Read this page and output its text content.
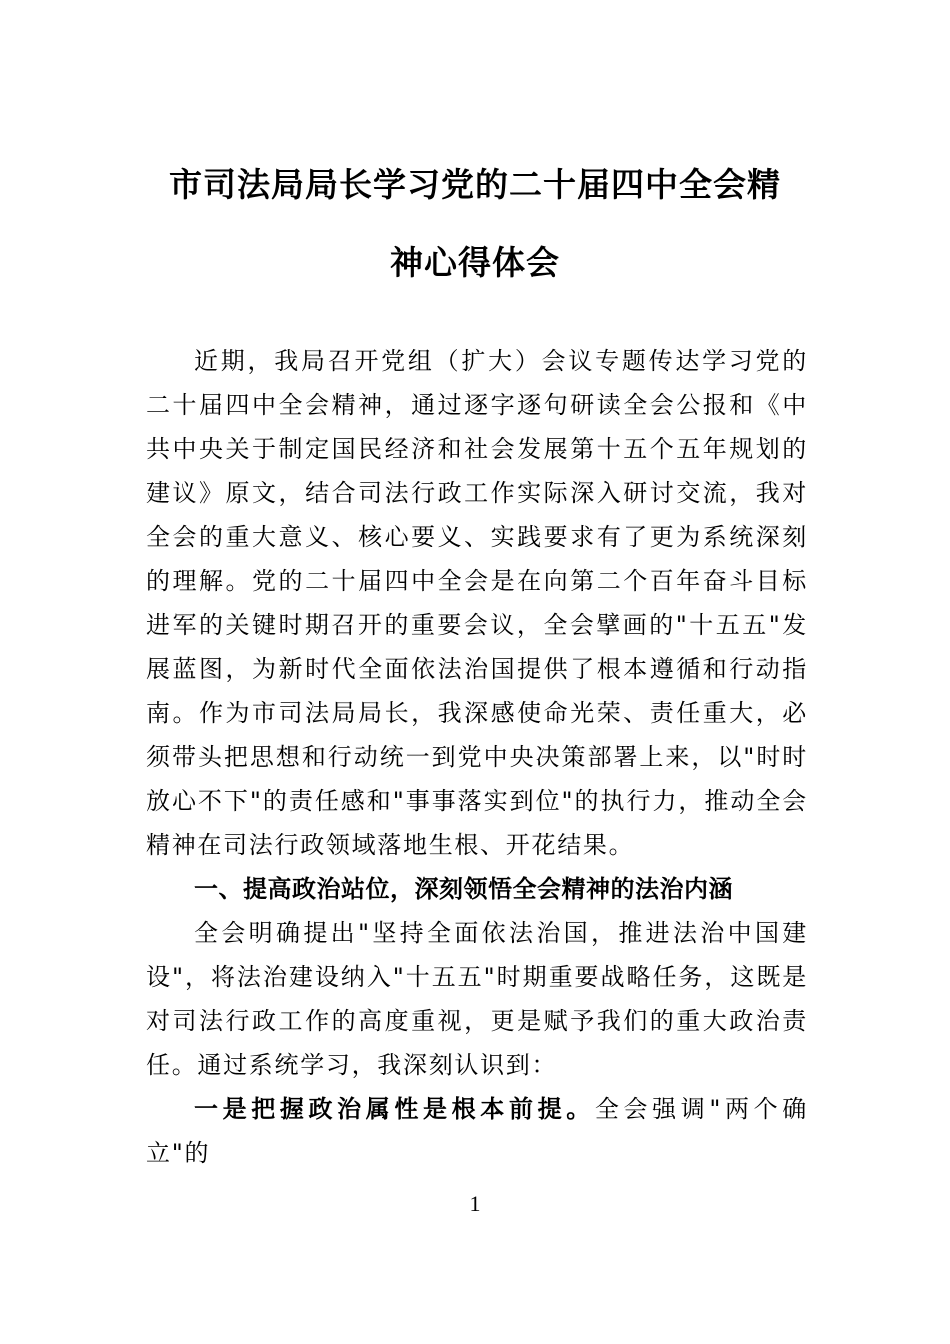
市司法局局长学习党的二十届四中全会精
神心得体会

近期，我局召开党组（扩大）会议专题传达学习党的二十届四中全会精神，通过逐字逐句研读全会公报和《中共中央关于制定国民经济和社会发展第十五个五年规划的建议》原文，结合司法行政工作实际深入研讨交流，我对全会的重大意义、核心要义、实践要求有了更为系统深刻的理解。党的二十届四中全会是在向第二个百年奋斗目标进军的关键时期召开的重要会议，全会擘画的"十五五"发展蓝图，为新时代全面依法治国提供了根本遵循和行动指南。作为市司法局局长，我深感使命光荣、责任重大，必须带头把思想和行动统一到党中央决策部署上来，以"时时放心不下"的责任感和"事事落实到位"的执行力，推动全会精神在司法行政领域落地生根、开花结果。

一、提高政治站位，深刻领悟全会精神的法治内涵

全会明确提出"坚持全面依法治国，推进法治中国建设"，将法治建设纳入"十五五"时期重要战略任务，这既是对司法行政工作的高度重视，更是赋予我们的重大政治责任。通过系统学习，我深刻认识到：

一是把握政治属性是根本前提。全会强调"两个确立"的

1
